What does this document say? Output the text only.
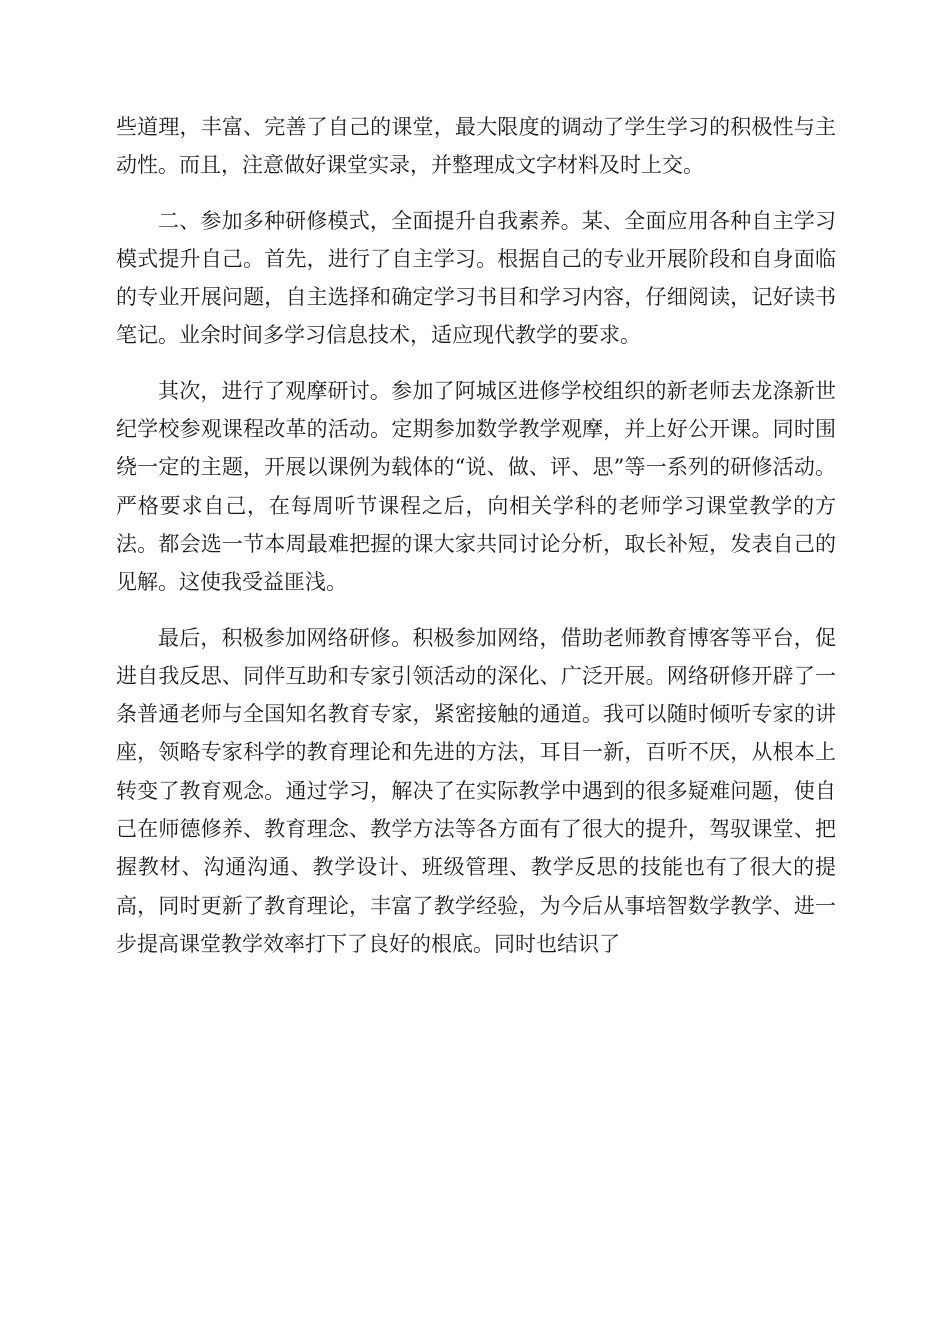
些道理，丰富、完善了自己的课堂，最大限度的调动了学生学习的积极性与主动性。而且，注意做好课堂实录，并整理成文字材料及时上交。

二、参加多种研修模式，全面提升自我素养。某、全面应用各种自主学习模式提升自己。首先，进行了自主学习。根据自己的专业开展阶段和自身面临的专业开展问题，自主选择和确定学习书目和学习内容，仔细阅读，记好读书笔记。业余时间多学习信息技术，适应现代教学的要求。

其次，进行了观摩研讨。参加了阿城区进修学校组织的新老师去龙涤新世纪学校参观课程改革的活动。定期参加数学教学观摩，并上好公开课。同时围绕一定的主题，开展以课例为载体的“说、做、评、思”等一系列的研修活动。严格要求自己，在每周听节课程之后，向相关学科的老师学习课堂教学的方法。都会选一节本周最难把握的课大家共同讨论分析，取长补短，发表自己的见解。这使我受益匪浅。

最后，积极参加网络研修。积极参加网络，借助老师教育博客等平台，促进自我反思、同伴互助和专家引领活动的深化、广泛开展。网络研修开辟了一条普通老师与全国知名教育专家，紧密接触的通道。我可以随时倾听专家的讲座，领略专家科学的教育理论和先进的方法，耳目一新，百听不厌，从根本上转变了教育观念。通过学习，解决了在实际教学中遇到的很多疑难问题，使自己在师德修养、教育理念、教学方法等各方面有了很大的提升，驾驭课堂、把握教材、沟通沟通、教学设计、班级管理、教学反思的技能也有了很大的提高，同时更新了教育理论，丰富了教学经验，为今后从事培智数学教学、进一步提高课堂教学效率打下了良好的根底。同时也结识了
